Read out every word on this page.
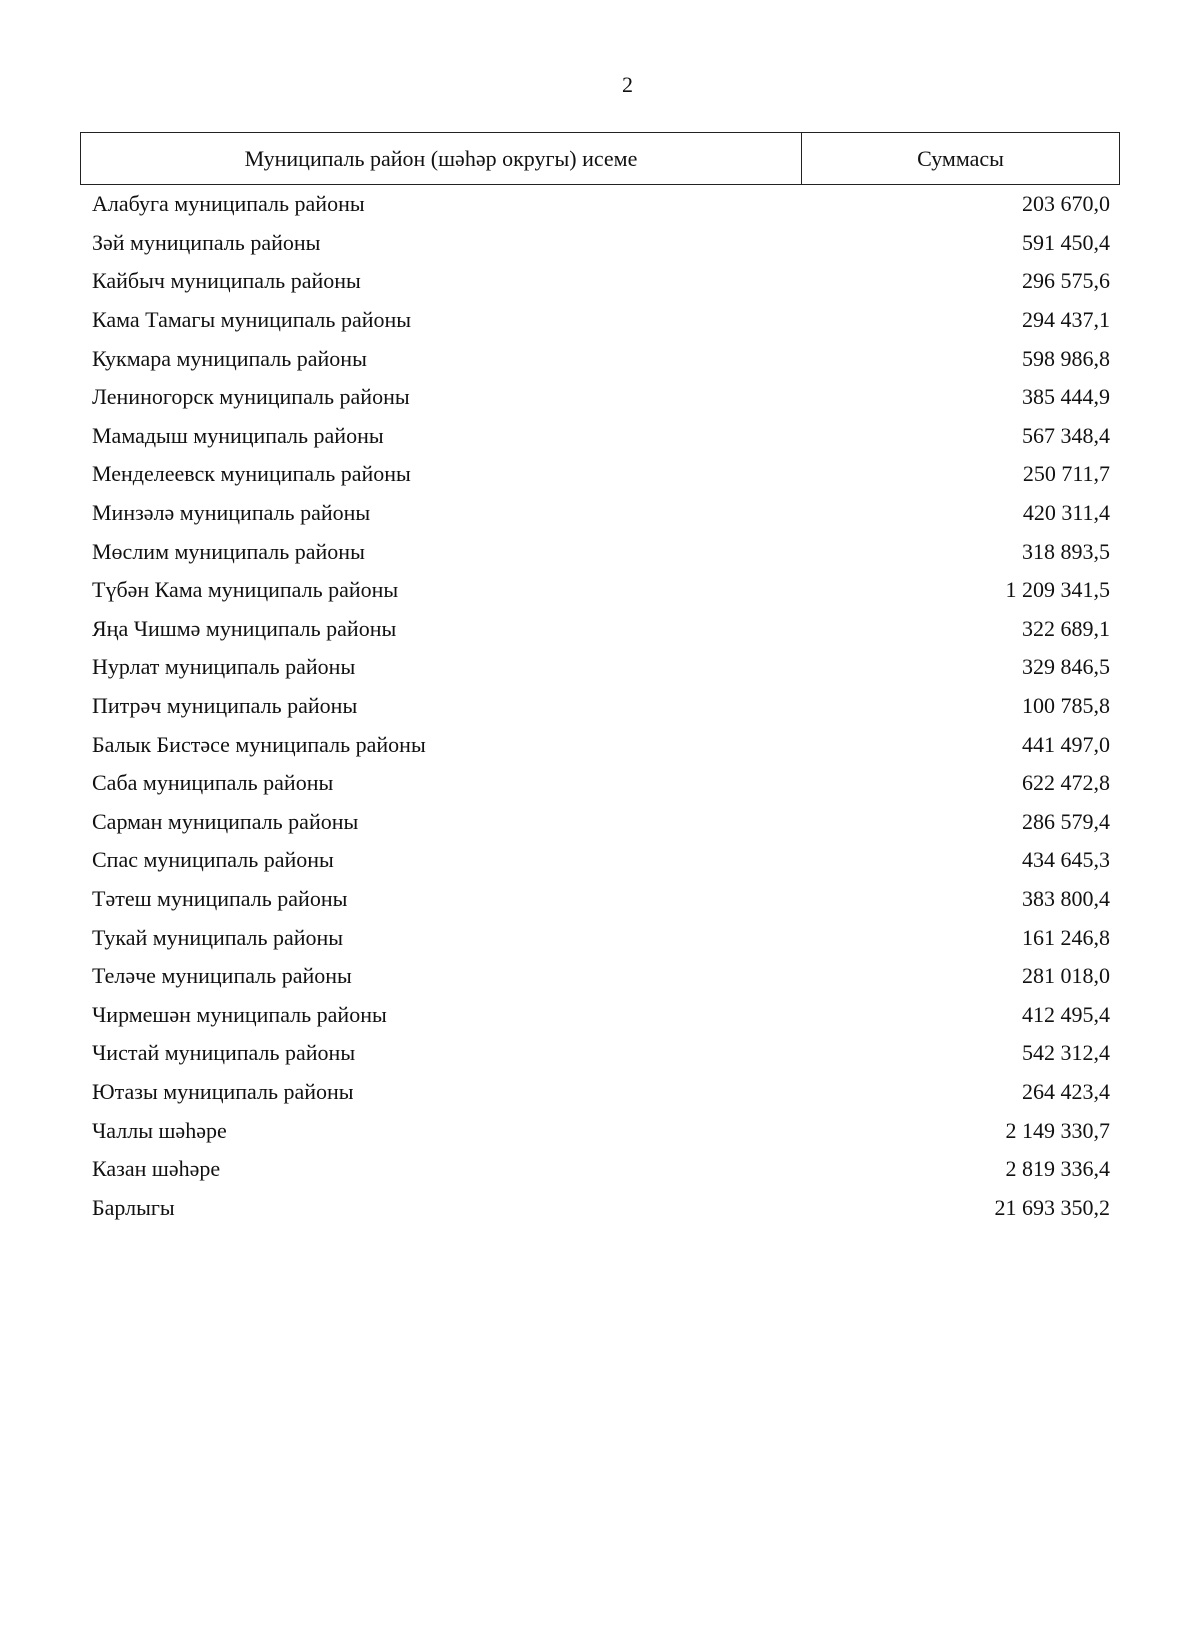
2
Муниципаль район (шәһәр округы) исеме	Суммасы
Алабуга муниципаль районы	203 670,0
Зәй муниципаль районы	591 450,4
Кайбыч муниципаль районы	296 575,6
Кама Тамагы муниципаль районы	294 437,1
Кукмара муниципаль районы	598 986,8
Лениногорск муниципаль районы	385 444,9
Мамадыш муниципаль районы	567 348,4
Менделеевск муниципаль районы	250 711,7
Минзәлә муниципаль районы	420 311,4
Мөслим муниципаль районы	318 893,5
Түбән Кама муниципаль районы	1 209 341,5
Яңа Чишмә муниципаль районы	322 689,1
Нурлат муниципаль районы	329 846,5
Питрәч муниципаль районы	100 785,8
Балык Бистәсе муниципаль районы	441 497,0
Саба муниципаль районы	622 472,8
Сарман муниципаль районы	286 579,4
Спас муниципаль районы	434 645,3
Тәтеш муниципаль районы	383 800,4
Тукай муниципаль районы	161 246,8
Теләче муниципаль районы	281 018,0
Чирмешән муниципаль районы	412 495,4
Чистай муниципаль районы	542 312,4
Ютазы муниципаль районы	264 423,4
Чаллы шәһәре	2 149 330,7
Казан шәһәре	2 819 336,4
Барлыгы	21 693 350,2
